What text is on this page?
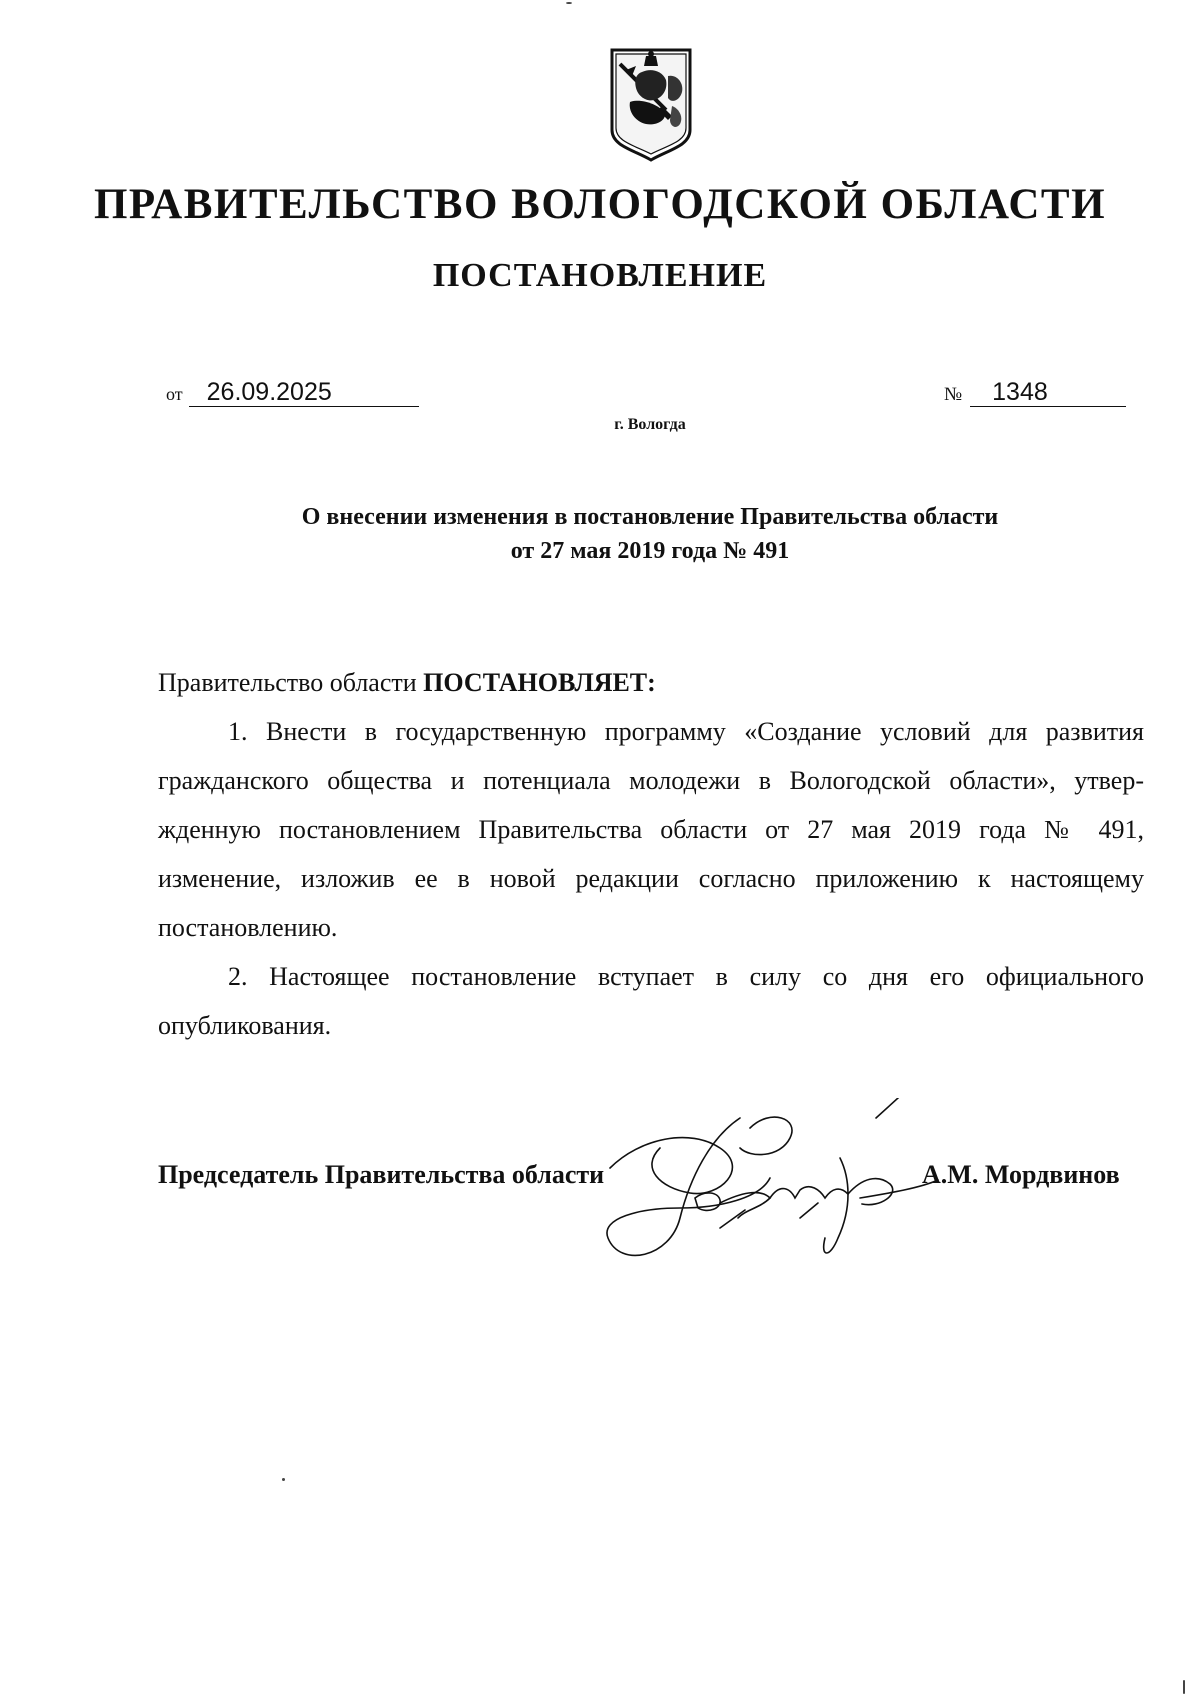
ПРАВИТЕЛЬСТВО ВОЛОГОДСКОЙ ОБЛАСТИ
ПОСТАНОВЛЕНИЕ
от 26.09.2025	№ 1348
г. Вологда
О внесении изменения в постановление Правительства области
от 27 мая 2019 года № 491

Правительство области ПОСТАНОВЛЯЕТ:

1. Внести в государственную программу «Создание условий для развития гражданского общества и потенциала молодежи в Вологодской области», утвер-жденную постановлением Правительства области от 27 мая 2019 года № 491, изменение, изложив ее в новой редакции согласно приложению к настоящему постановлению.

2. Настоящее постановление вступает в силу со дня его официального опубликования.

Председатель Правительства области	А.М. Мордвинов
